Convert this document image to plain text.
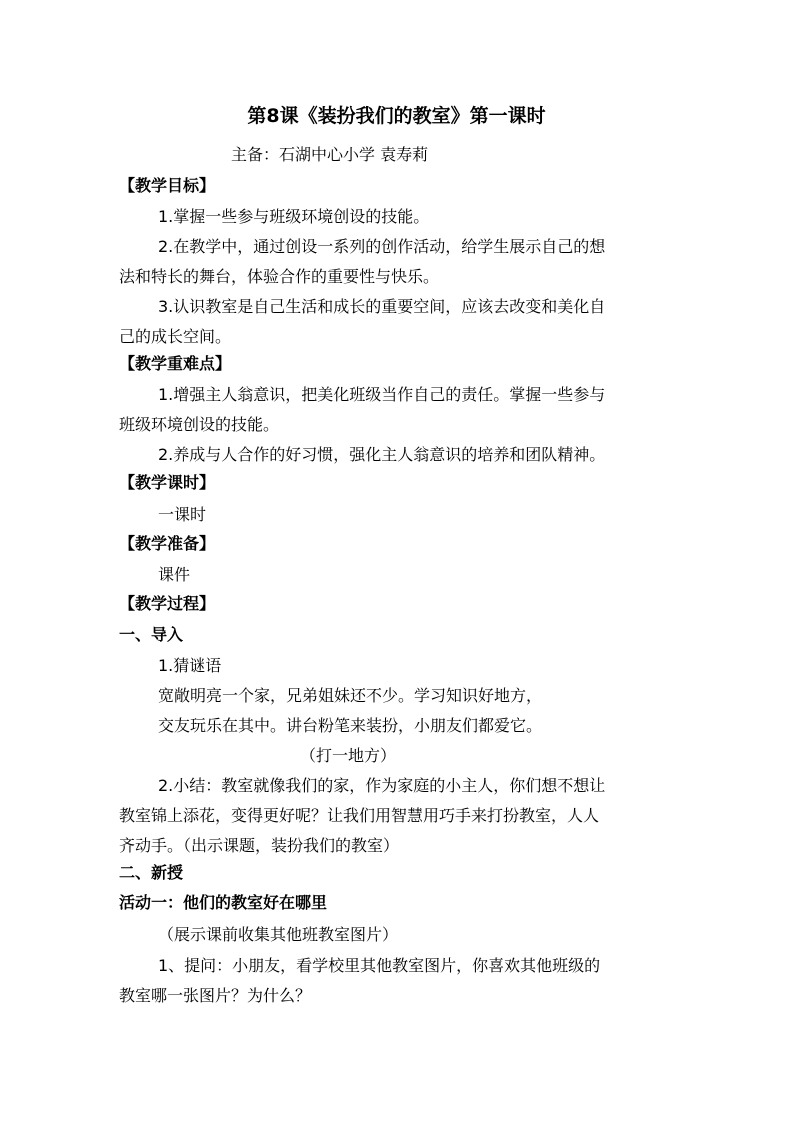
第8课《装扮我们的教室》第一课时
主备：石湖中心小学 袁寿莉
【教学目标】
1.掌握一些参与班级环境创设的技能。
2.在教学中，通过创设一系列的创作活动，给学生展示自己的想
法和特长的舞台，体验合作的重要性与快乐。
3.认识教室是自己生活和成长的重要空间，应该去改变和美化自
己的成长空间。
【教学重难点】
1.增强主人翁意识，把美化班级当作自己的责任。掌握一些参与
班级环境创设的技能。
2.养成与人合作的好习惯，强化主人翁意识的培养和团队精神。
【教学课时】
一课时
【教学准备】
课件
【教学过程】
一、导入
1.猜谜语
宽敞明亮一个家，兄弟姐妹还不少。学习知识好地方，
交友玩乐在其中。讲台粉笔来装扮，小朋友们都爱它。
（打一地方）
2.小结：教室就像我们的家，作为家庭的小主人，你们想不想让
教室锦上添花，变得更好呢？让我们用智慧用巧手来打扮教室，人人
齐动手。（出示课题，装扮我们的教室）
二、新授
活动一：他们的教室好在哪里
（展示课前收集其他班教室图片）
1、提问：小朋友，看学校里其他教室图片，你喜欢其他班级的
教室哪一张图片？为什么？
